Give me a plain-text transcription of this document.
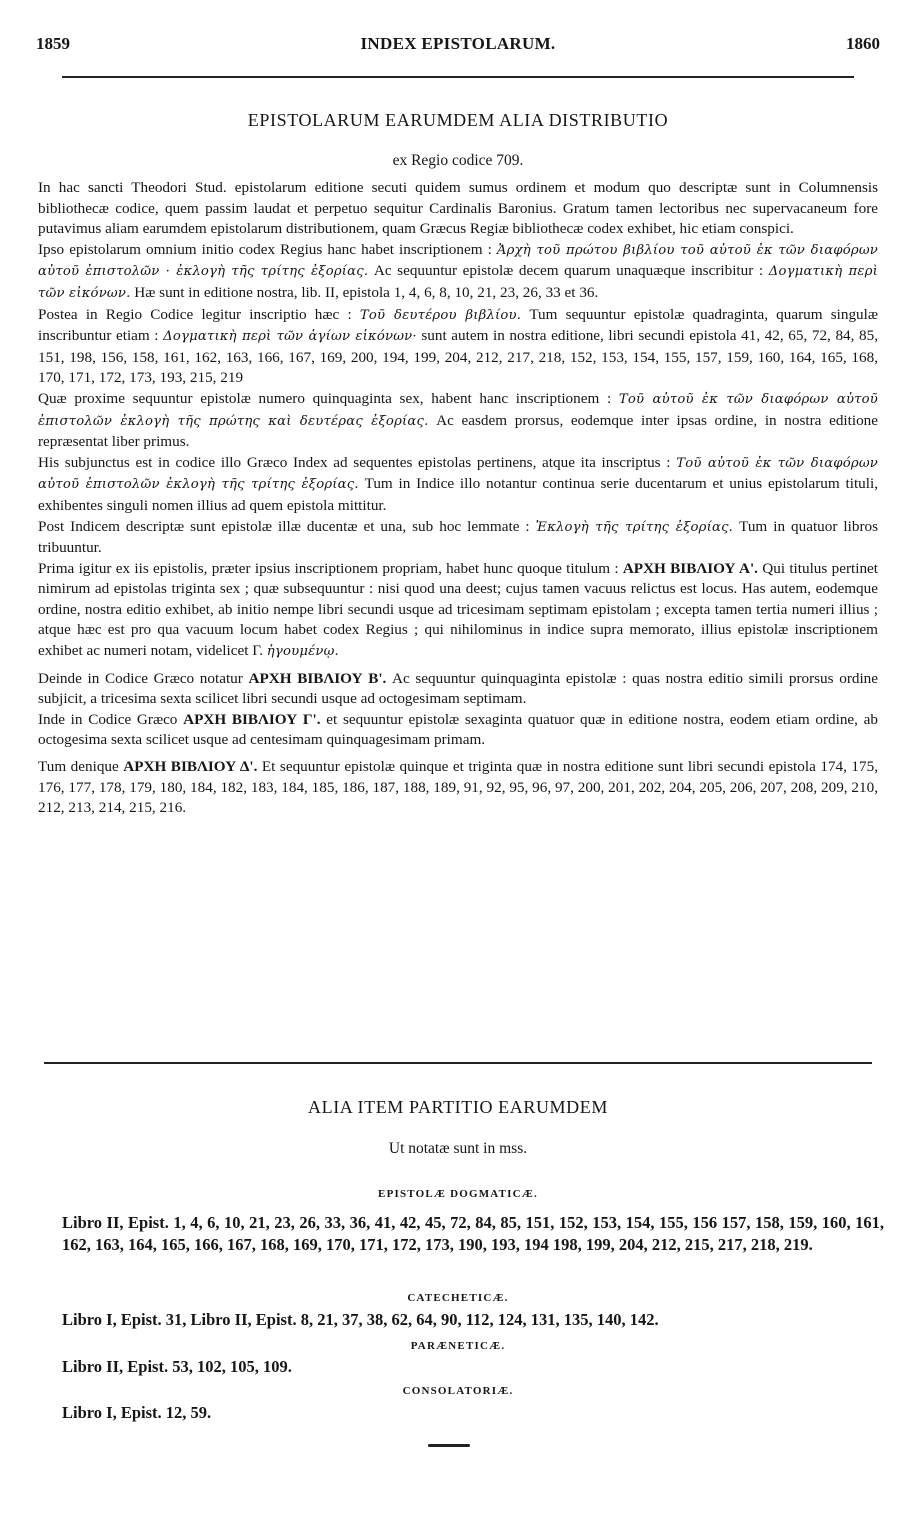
1859	INDEX EPISTOLARUM.	1860
EPISTOLARUM EARUMDEM ALIA DISTRIBUTIO
ex Regio codice 709.

In hac sancti Theodori Stud. epistolarum editione secuti quidem sumus ordinem et modum quo descriptæ sunt in Columnensis bibliothecæ codice, quem passim laudat et perpetuo sequitur Cardinalis Baronius. Gratum tamen lectoribus nec supervacaneum fore putavimus aliam earumdem epistolarum distributionem, quam Græcus Regiæ bibliothecæ codex exhibet, hic etiam conspici.

Ipso epistolarum omnium initio codex Regius hanc habet inscriptionem : Ἀρχὴ τοῦ πρώτου βιβλίου τοῦ αὐτοῦ ἐκ τῶν διαφόρων αὐτοῦ ἐπιστολῶν · ἐκλογὴ τῆς τρίτης ἐξορίας. Ac sequuntur epistolæ decem quarum unaquæque inscribitur : Δογματικὴ περὶ τῶν εἰκόνων. Hæ sunt in editione nostra, lib. II, epistola 1, 4, 6, 8, 10, 21, 23, 26, 33 et 36.

Postea in Regio Codice legitur inscriptio hæc : Τοῦ δευτέρου βιβλίου. Tum sequuntur epistolæ quadraginta, quarum singulæ inscribuntur etiam : Δογματικὴ περὶ τῶν ἁγίων εἰκόνων· sunt autem in nostra editione, libri secundi epistola 41, 42, 65, 72, 84, 85, 151, 198, 156, 158, 161, 162, 163, 166, 167, 169, 200, 194, 199, 204, 212, 217, 218, 152, 153, 154, 155, 157, 159, 160, 164, 165, 168, 170, 171, 172, 173, 193, 215, 219

Quæ proxime sequuntur epistolæ numero quinquaginta sex, habent hanc inscriptionem : Τοῦ αὐτοῦ ἐκ τῶν διαφόρων αὐτοῦ ἐπιστολῶν ἐκλογὴ τῆς πρώτης καὶ δευτέρας ἐξορίας. Ac easdem prorsus, eodemque inter ipsas ordine, in nostra editione repræsentat liber primus.

His subjunctus est in codice illo Græco Index ad sequentes epistolas pertinens, atque ita inscriptus : Τοῦ αὐτοῦ ἐκ τῶν διαφόρων αὐτοῦ ἐπιστολῶν ἐκλογὴ τῆς τρίτης ἐξορίας. Tum in Indice illo notantur continua serie ducentarum et unius epistolarum tituli, exhibentes singuli nomen illius ad quem epistola mittitur.

Post Indicem descriptæ sunt epistolæ illæ ducentæ et una, sub hoc lemmate : Ἐκλογὴ τῆς τρίτης ἐξορίας. Tum in quatuor libros tribuuntur.

Prima igitur ex iis epistolis, præter ipsius inscriptionem propriam, habet hunc quoque titulum : ΑΡΧΗ ΒΙΒΛΙΟΥ Α'. Qui titulus pertinet nimirum ad epistolas triginta sex ; quæ subsequuntur : nisi quod una deest; cujus tamen vacuus relictus est locus. Has autem, eodemque ordine, nostra editio exhibet, ab initio nempe libri secundi usque ad tricesimam septimam epistolam ; excepta tamen tertia numeri illius ; atque hæc est pro qua vacuum locum habet codex Regius ; qui nihilominus in indice supra memorato, illius epistolæ inscriptionem exhibet ac numeri notam, videlicet Γ. ἡγουμένῳ.

Deinde in Codice Græco notatur ΑΡΧΗ ΒΙΒΛΙΟΥ Β'. Ac sequuntur quinquaginta epistolæ : quas nostra editio simili prorsus ordine subjicit, a tricesima sexta scilicet libri secundi usque ad octogesimam septimam.

Inde in Codice Græco ΑΡΧΗ ΒΙΒΛΙΟΥ Γ'. et sequuntur epistolæ sexaginta quatuor quæ in editione nostra, eodem etiam ordine, ab octogesima sexta scilicet usque ad centesimam quinquagesimam primam.

Tum denique ΑΡΧΗ ΒΙΒΛΙΟΥ Δ'. Et sequuntur epistolæ quinque et triginta quæ in nostra editione sunt libri secundi epistola 174, 175, 176, 177, 178, 179, 180, 184, 182, 183, 184, 185, 186, 187, 188, 189, 91, 92, 95, 96, 97, 200, 201, 202, 204, 205, 206, 207, 208, 209, 210, 212, 213, 214, 215, 216.

ALIA ITEM PARTITIO EARUMDEM
Ut notatæ sunt in mss.
EPISTOLÆ DOGMATICÆ.
Libro II, Epist. 1, 4, 6, 10, 21, 23, 26, 33, 36, 41, 42, 45, 72, 84, 85, 151, 152, 153, 154, 155, 156 157, 158, 159, 160, 161, 162, 163, 164, 165, 166, 167, 168, 169, 170, 171, 172, 173, 190, 193, 194 198, 199, 204, 212, 215, 217, 218, 219.
CATECHETICÆ.
Libro I, Epist. 31, Libro II, Epist. 8, 21, 37, 38, 62, 64, 90, 112, 124, 131, 135, 140, 142.
PARÆNETICÆ.
Libro II, Epist. 53, 102, 105, 109.
CONSOLATORIÆ.
Libro I, Epist. 12, 59.
